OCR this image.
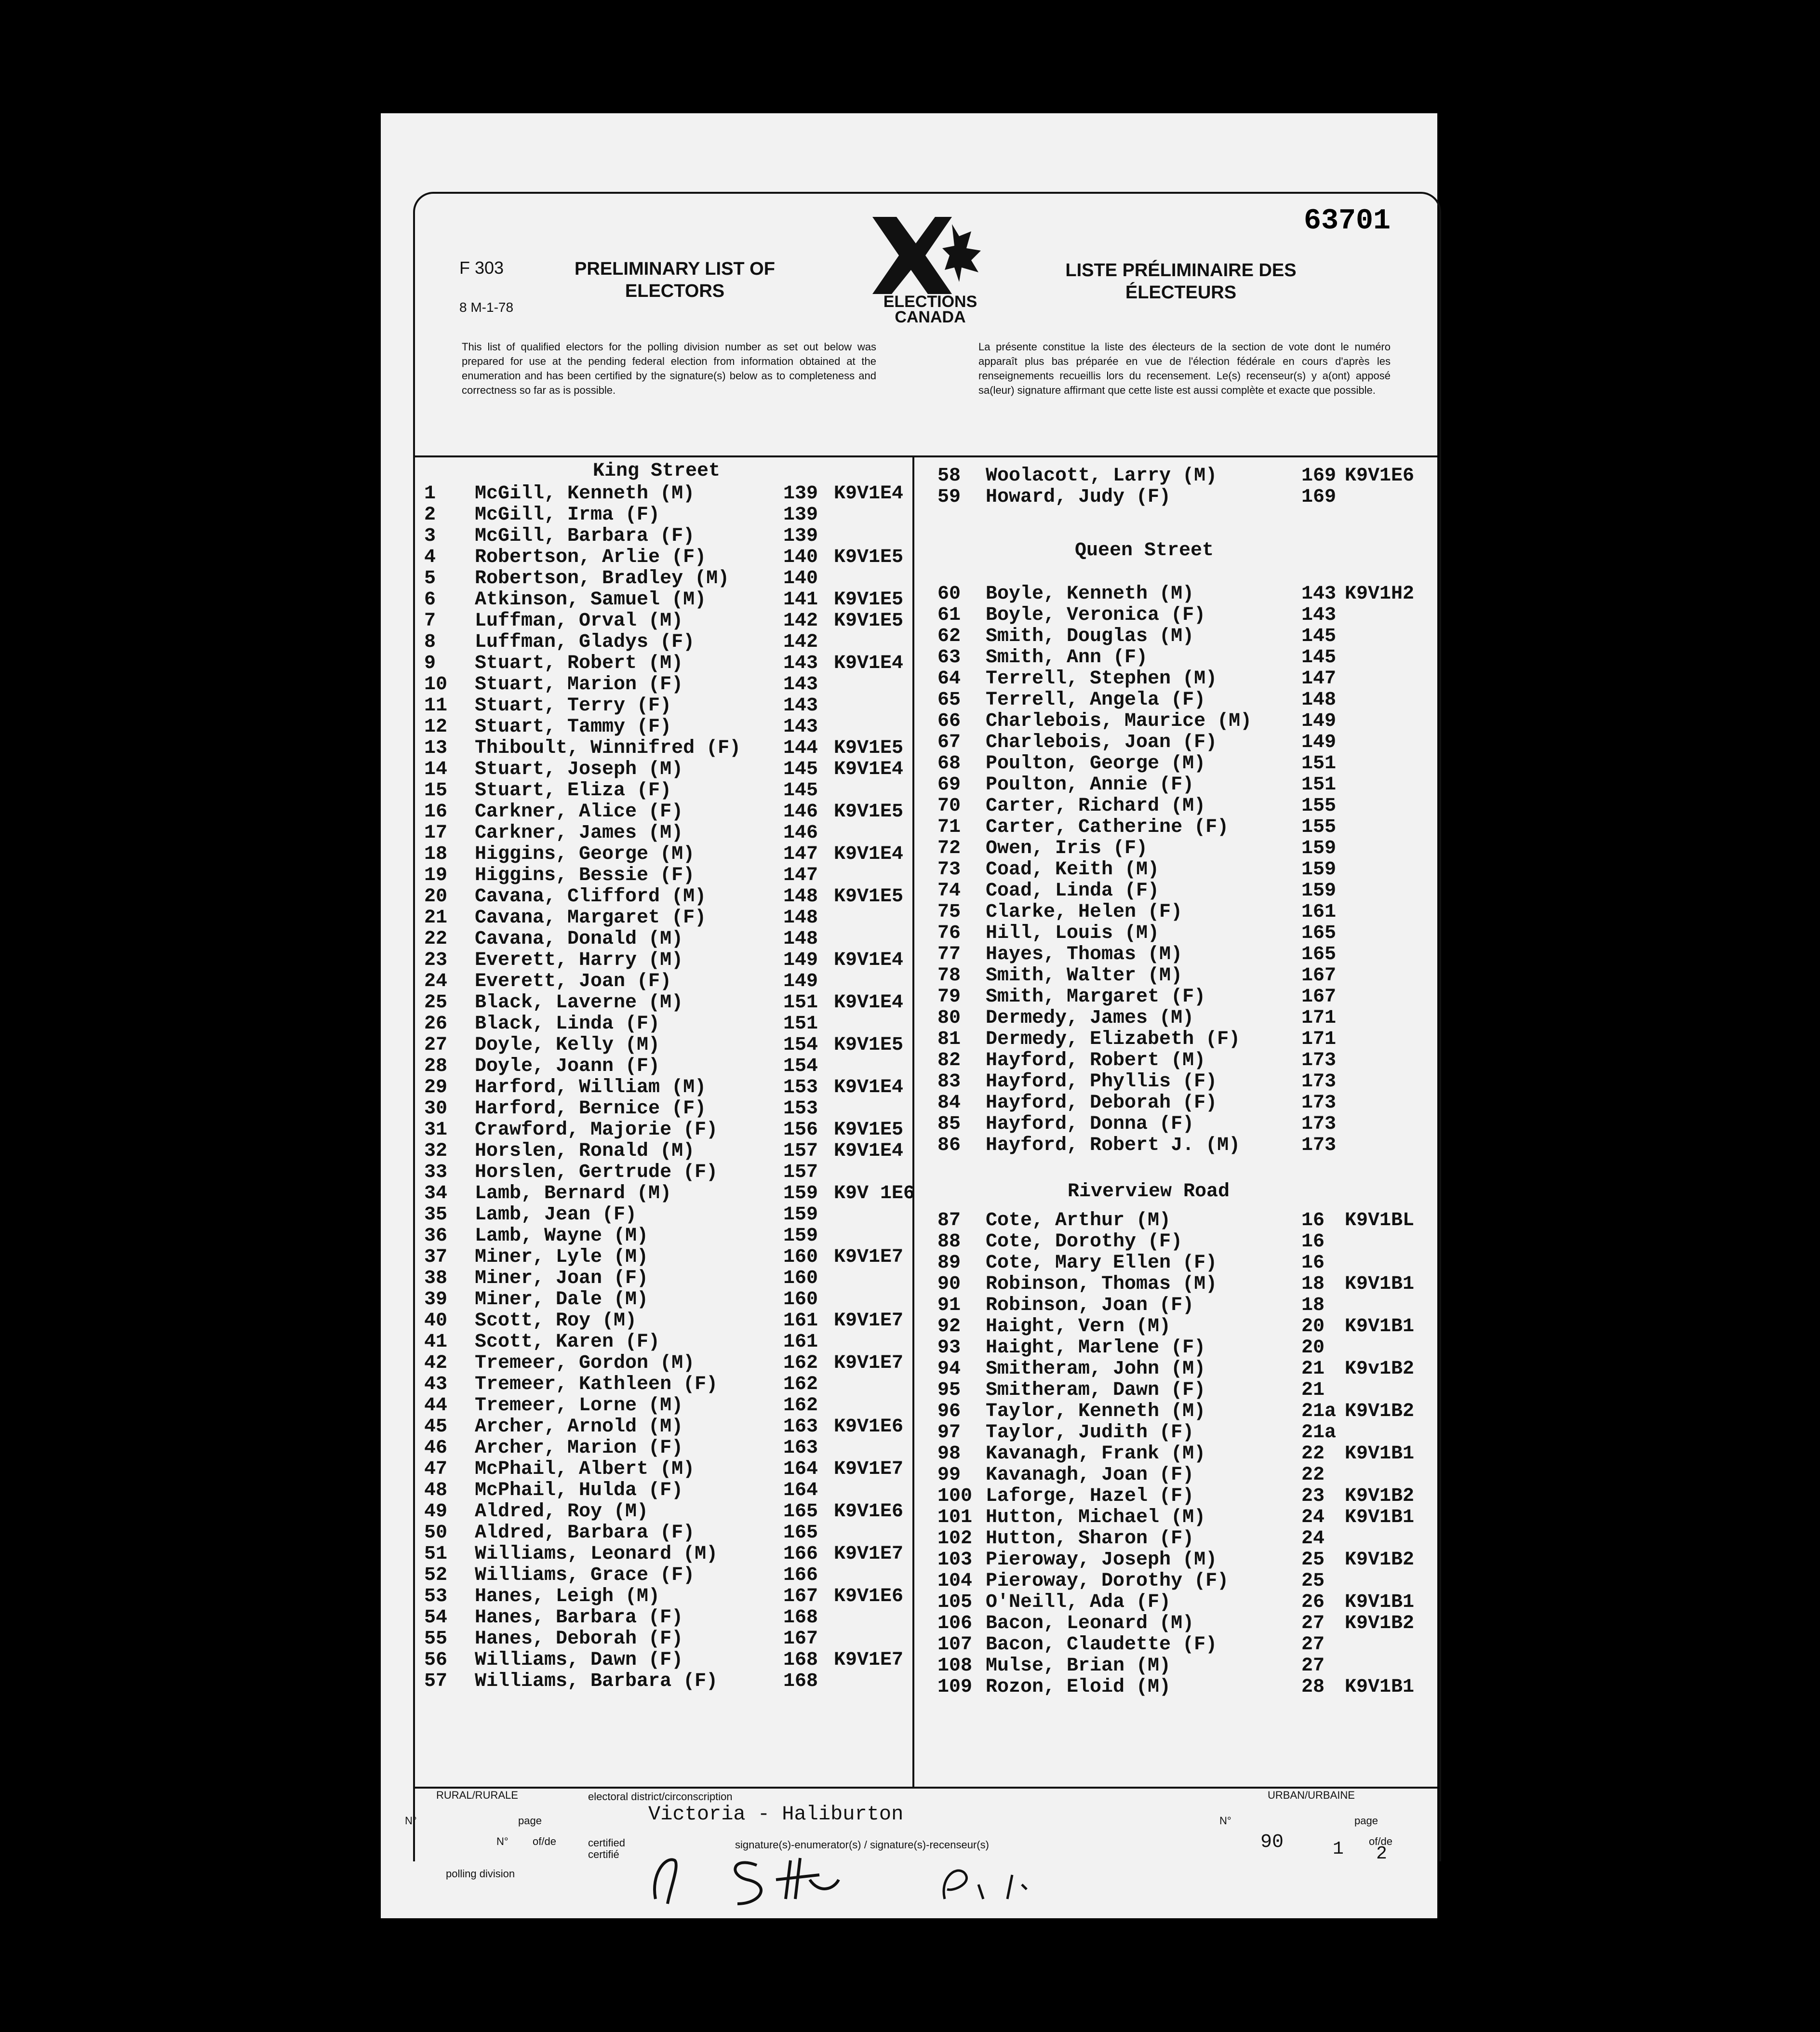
F 303
8 M-1-78
PRELIMINARY LIST OF
ELECTORS
ELECTIONS
CANADA
LISTE PRÉLIMINAIRE DES
ÉLECTEURS
63701
This list of qualified electors for the polling division number as set out below was prepared for use at the pending federal election from information obtained at the enumeration and has been certified by the signature(s) below as to completeness and correctness so far as is possible.
La présente constitue la liste des électeurs de la section de vote dont le numéro apparaît plus bas préparée en vue de l'élection fédérale en cours d'après les renseignements recueillis lors du recensement. Le(s) recenseur(s) y a(ont) apposé sa(leur) signature affirmant que cette liste est aussi complète et exacte que possible.
King Street
1 McGill, Kenneth (M)	139 K9V1E4
2 McGill, Irma (F)	139
3 McGill, Barbara (F)	139
4 Robertson, Arlie (F)	140 K9V1E5
5 Robertson, Bradley (M)	140
6 Atkinson, Samuel (M)	141 K9V1E5
7 Luffman, Orval (M)	142 K9V1E5
8 Luffman, Gladys (F)	142
9 Stuart, Robert (M)	143 K9V1E4
10 Stuart, Marion (F)	143
11 Stuart, Terry (F)	143
12 Stuart, Tammy (F)	143
13 Thiboult, Winnifred (F) 144 K9V1E5
14 Stuart, Joseph (M)	145 K9V1E4
15 Stuart, Eliza (F)	145
16 Carkner, Alice (F)	146 K9V1E5
17 Carkner, James (M)	146
18 Higgins, George (M)	147 K9V1E4
19 Higgins, Bessie (F)	147
20 Cavana, Clifford (M)	148 K9V1E5
21 Cavana, Margaret (F)	148
22 Cavana, Donald (M)	148
23 Everett, Harry (M)	149 K9V1E4
24 Everett, Joan (F)	149
25 Black, Laverne (M)	151 K9V1E4
26 Black, Linda (F)	151
27 Doyle, Kelly (M)	154 K9V1E5
28 Doyle, Joann (F)	154
29 Harford, William (M)	153 K9V1E4
30 Harford, Bernice (F)	153
31 Crawford, Majorie (F)	156 K9V1E5
32 Horslen, Ronald (M)	157 K9V1E4
33 Horslen, Gertrude (F)	157
34 Lamb, Bernard (M)	159 K9V 1E6
35 Lamb, Jean (F)	159
36 Lamb, Wayne (M)	159
37 Miner, Lyle (M)	160 K9V1E7
38 Miner, Joan (F)	160
39 Miner, Dale (M)	160
40 Scott, Roy (M)	161 K9V1E7
41 Scott, Karen (F)	161
42 Tremeer, Gordon (M)	162 K9V1E7
43 Tremeer, Kathleen (F)	162
44 Tremeer, Lorne (M)	162
45 Archer, Arnold (M)	163 K9V1E6
46 Archer, Marion (F)	163
47 McPhail, Albert (M)	164 K9V1E7
48 McPhail, Hulda (F)	164
49 Aldred, Roy (M)	165 K9V1E6
50 Aldred, Barbara (F)	165
51 Williams, Leonard (M)	166 K9V1E7
52 Williams, Grace (F)	166
53 Hanes, Leigh (M)	167 K9V1E6
54 Hanes, Barbara (F)	168
55 Hanes, Deborah (F)	167
56 Williams, Dawn (F)	168 K9V1E7
57 Williams, Barbara (F)	168
Queen Street
Riverview Road
58 Woolacott, Larry (M)	169 K9V1E6
59 Howard, Judy (F)	169
60 Boyle, Kenneth (M)	143 K9V1H2
61 Boyle, Veronica (F)	143
62 Smith, Douglas (M)	145
63 Smith, Ann (F)	145
64 Terrell, Stephen (M)	147
65 Terrell, Angela (F)	148
66 Charlebois, Maurice (M)	149
67 Charlebois, Joan (F)	149
68 Poulton, George (M)	151
69 Poulton, Annie (F)	151
70 Carter, Richard (M)	155
71 Carter, Catherine (F)	155
72 Owen, Iris (F)	159
73 Coad, Keith (M)	159
74 Coad, Linda (F)	159
75 Clarke, Helen (F)	161
76 Hill, Louis (M)	165
77 Hayes, Thomas (M)	165
78 Smith, Walter (M)	167
79 Smith, Margaret (F)	167
80 Dermedy, James (M)	171
81 Dermedy, Elizabeth (F)	171
82 Hayford, Robert (M)	173
83 Hayford, Phyllis (F)	173
84 Hayford, Deborah (F)	173
85 Hayford, Donna (F)	173
86 Hayford, Robert J. (M)	173
87 Cote, Arthur (M)	16 K9V1BL
88 Cote, Dorothy (F)	16
89 Cote, Mary Ellen (F)	16
90 Robinson, Thomas (M)	18 K9V1B1
91 Robinson, Joan (F)	18
92 Haight, Vern (M)	20 K9V1B1
93 Haight, Marlene (F)	20
94 Smitheram, John (M)	21 K9v1B2
95 Smitheram, Dawn (F)	21
96 Taylor, Kenneth (M)	21a K9V1B2
97 Taylor, Judith (F)	21a
98 Kavanagh, Frank (M)	22 K9V1B1
99 Kavanagh, Joan (F)	22
100 Laforge, Hazel (F)	23 K9V1B2
101 Hutton, Michael (M)	24 K9V1B1
102 Hutton, Sharon (F)	24
103 Pieroway, Joseph (M)	25 K9V1B2
104 Pieroway, Dorothy (F)	25
105 O'Neill, Ada (F)	26 K9V1B1
106 Bacon, Leonard (M)	27 K9V1B2
107 Bacon, Claudette (F)	27
108 Mulse, Brian (M)	27
109 Rozon, Eloid (M)	28 K9V1B1
RURAL/RURALE	electoral district/circonscription	URBAN/URBAINE
Victoria - Haliburton
N°	page
N° of/de	certified certifié
signature(s)-enumerator(s) / signature(s)-recenseur(s)
polling division
N°	page
90	1 of/de
2
